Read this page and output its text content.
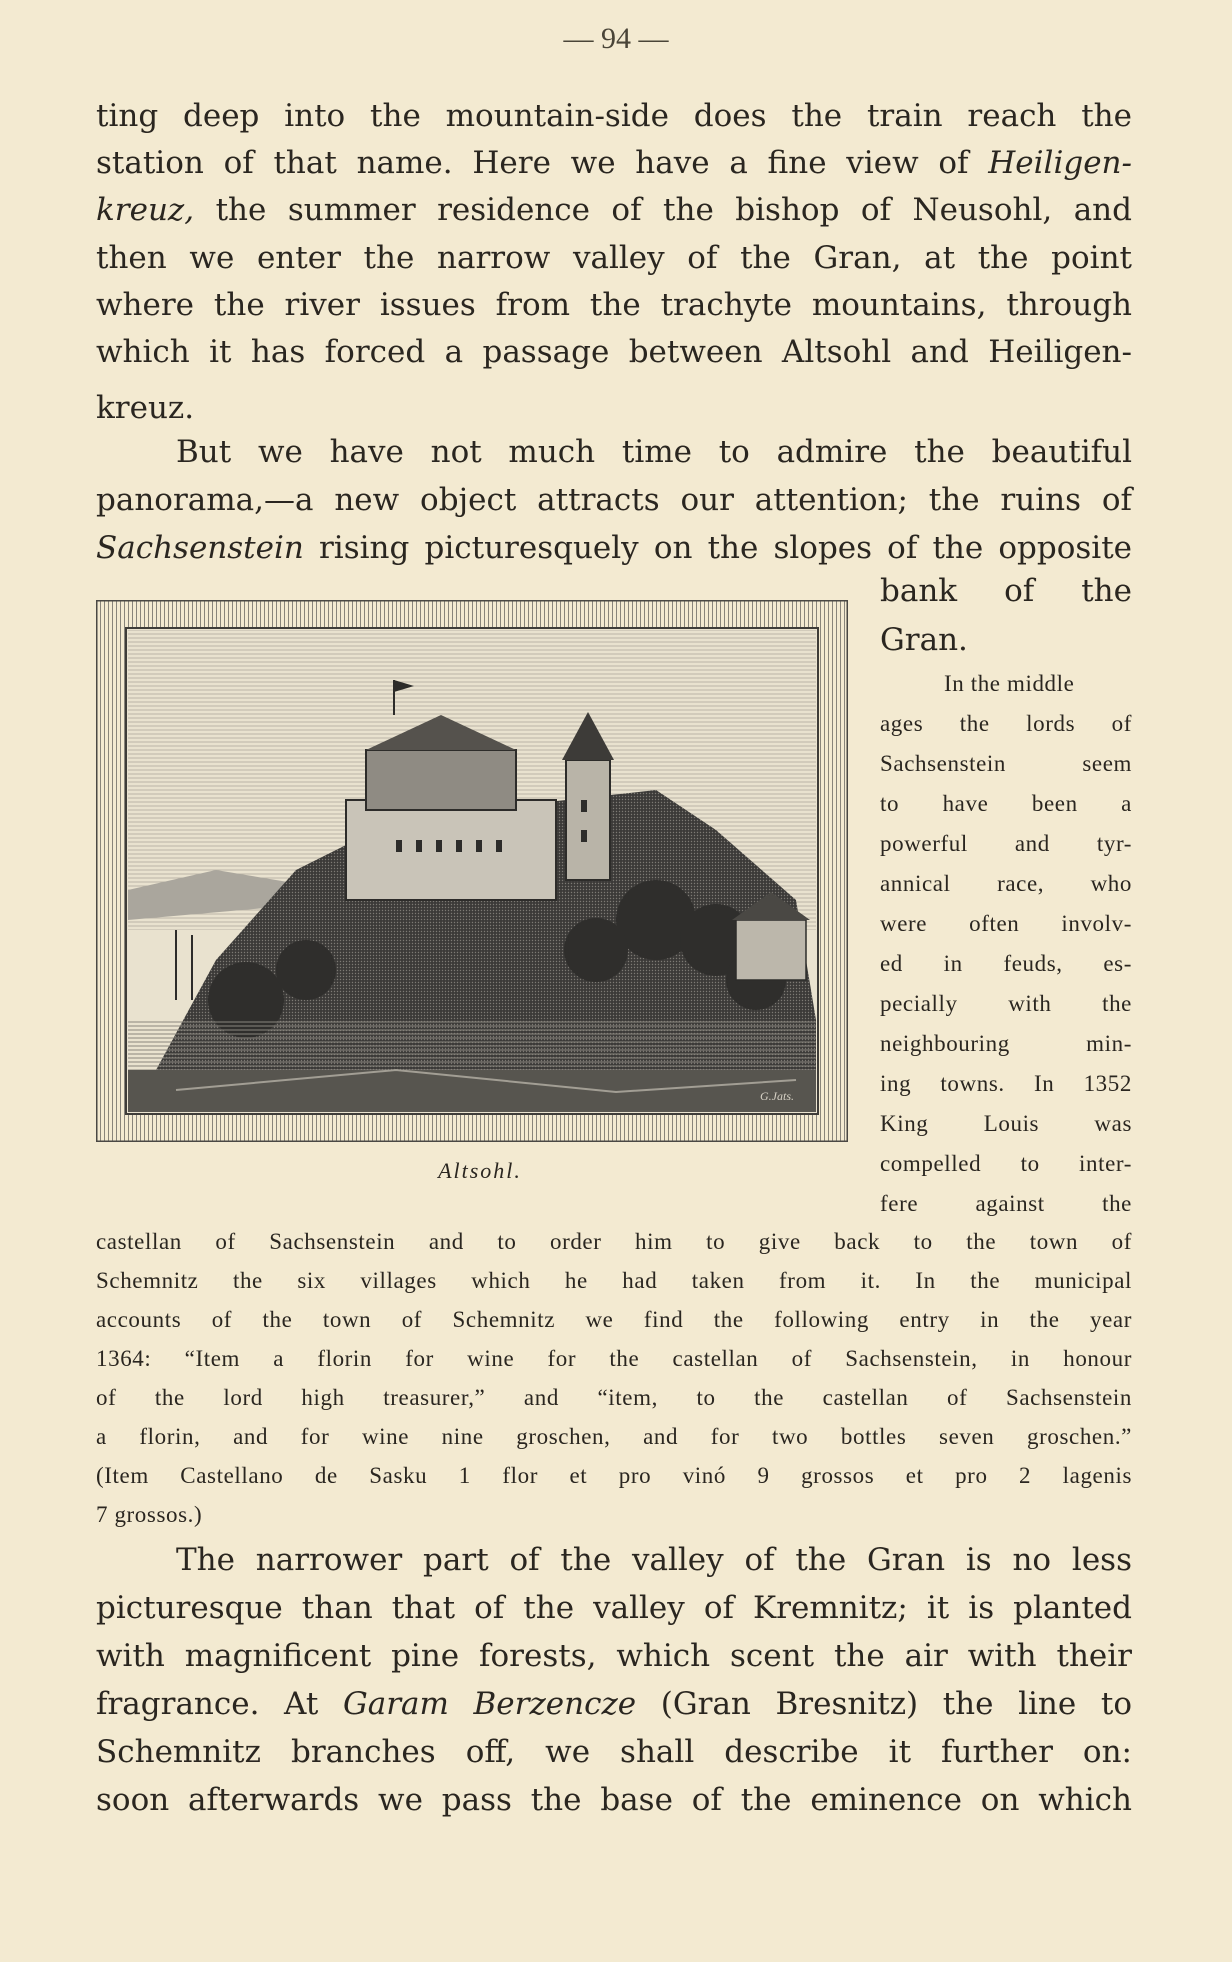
— 94 —
ting deep into the mountain-side does the train reach the
station of that name. Here we have a fine view of Heiligen-
kreuz, the summer residence of the bishop of Neusohl, and
then we enter the narrow valley of the Gran, at the point
where the river issues from the trachyte mountains, through
which it has forced a passage between Altsohl and Heiligen-
kreuz.
But we have not much time to admire the beautiful
panorama,—a new object attracts our attention; the ruins of
Sachsenstein rising picturesquely on the slopes of the opposite
bank of the
Gran.
G.Jats.
Altsohl.
In the middle
ages the lords of
Sachsenstein seem
to have been a
powerful and tyr-
annical race, who
were often involv-
ed in feuds, es-
pecially with the
neighbouring min-
ing towns. In 1352
King Louis was
compelled to inter-
fere against the
castellan of Sachsenstein and to order him to give back to the town of
Schemnitz the six villages which he had taken from it. In the municipal
accounts of the town of Schemnitz we find the following entry in the year
1364: “Item a florin for wine for the castellan of Sachsenstein, in honour
of the lord high treasurer,” and “item, to the castellan of Sachsenstein
a florin, and for wine nine groschen, and for two bottles seven groschen.”
(Item Castellano de Sasku 1 flor et pro vinó 9 grossos et pro 2 lagenis
7 grossos.)
The narrower part of the valley of the Gran is no less
picturesque than that of the valley of Kremnitz; it is planted
with magnificent pine forests, which scent the air with their
fragrance. At Garam Berzencze (Gran Bresnitz) the line to
Schemnitz branches off, we shall describe it further on:
soon afterwards we pass the base of the eminence on which
